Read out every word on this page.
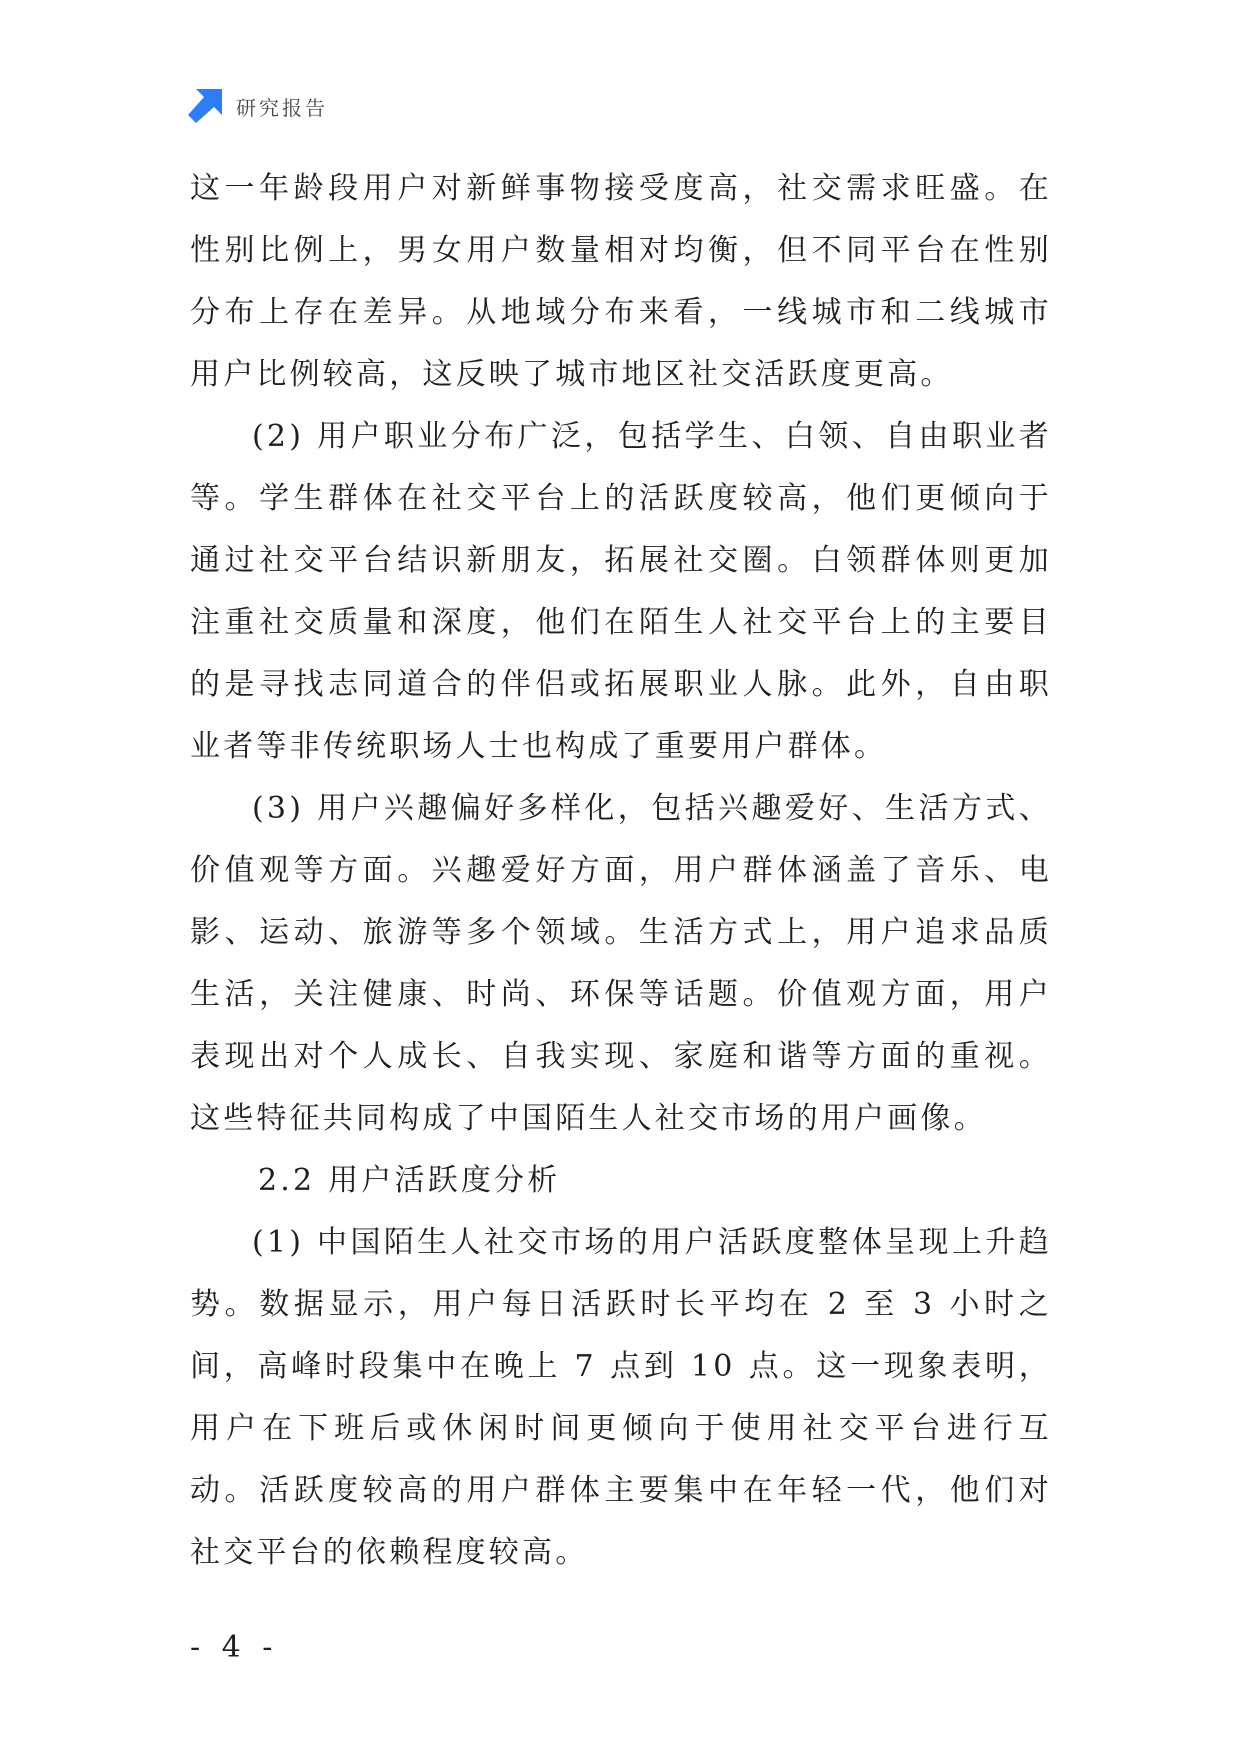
研究报告

这一年龄段用户对新鲜事物接受度高，社交需求旺盛。在性别比例上，男女用户数量相对均衡，但不同平台在性别分布上存在差异。从地域分布来看，一线城市和二线城市用户比例较高，这反映了城市地区社交活跃度更高。

(2) 用户职业分布广泛，包括学生、白领、自由职业者等。学生群体在社交平台上的活跃度较高，他们更倾向于通过社交平台结识新朋友，拓展社交圈。白领群体则更加注重社交质量和深度，他们在陌生人社交平台上的主要目的是寻找志同道合的伴侣或拓展职业人脉。此外，自由职业者等非传统职场人士也构成了重要用户群体。

(3) 用户兴趣偏好多样化，包括兴趣爱好、生活方式、价值观等方面。兴趣爱好方面，用户群体涵盖了音乐、电影、运动、旅游等多个领域。生活方式上，用户追求品质生活，关注健康、时尚、环保等话题。价值观方面，用户表现出对个人成长、自我实现、家庭和谐等方面的重视。这些特征共同构成了中国陌生人社交市场的用户画像。

2.2 用户活跃度分析

(1) 中国陌生人社交市场的用户活跃度整体呈现上升趋势。数据显示，用户每日活跃时长平均在 2 至 3 小时之间，高峰时段集中在晚上 7 点到 10 点。这一现象表明，用户在下班后或休闲时间更倾向于使用社交平台进行互动。活跃度较高的用户群体主要集中在年轻一代，他们对社交平台的依赖程度较高。

- 4 -
